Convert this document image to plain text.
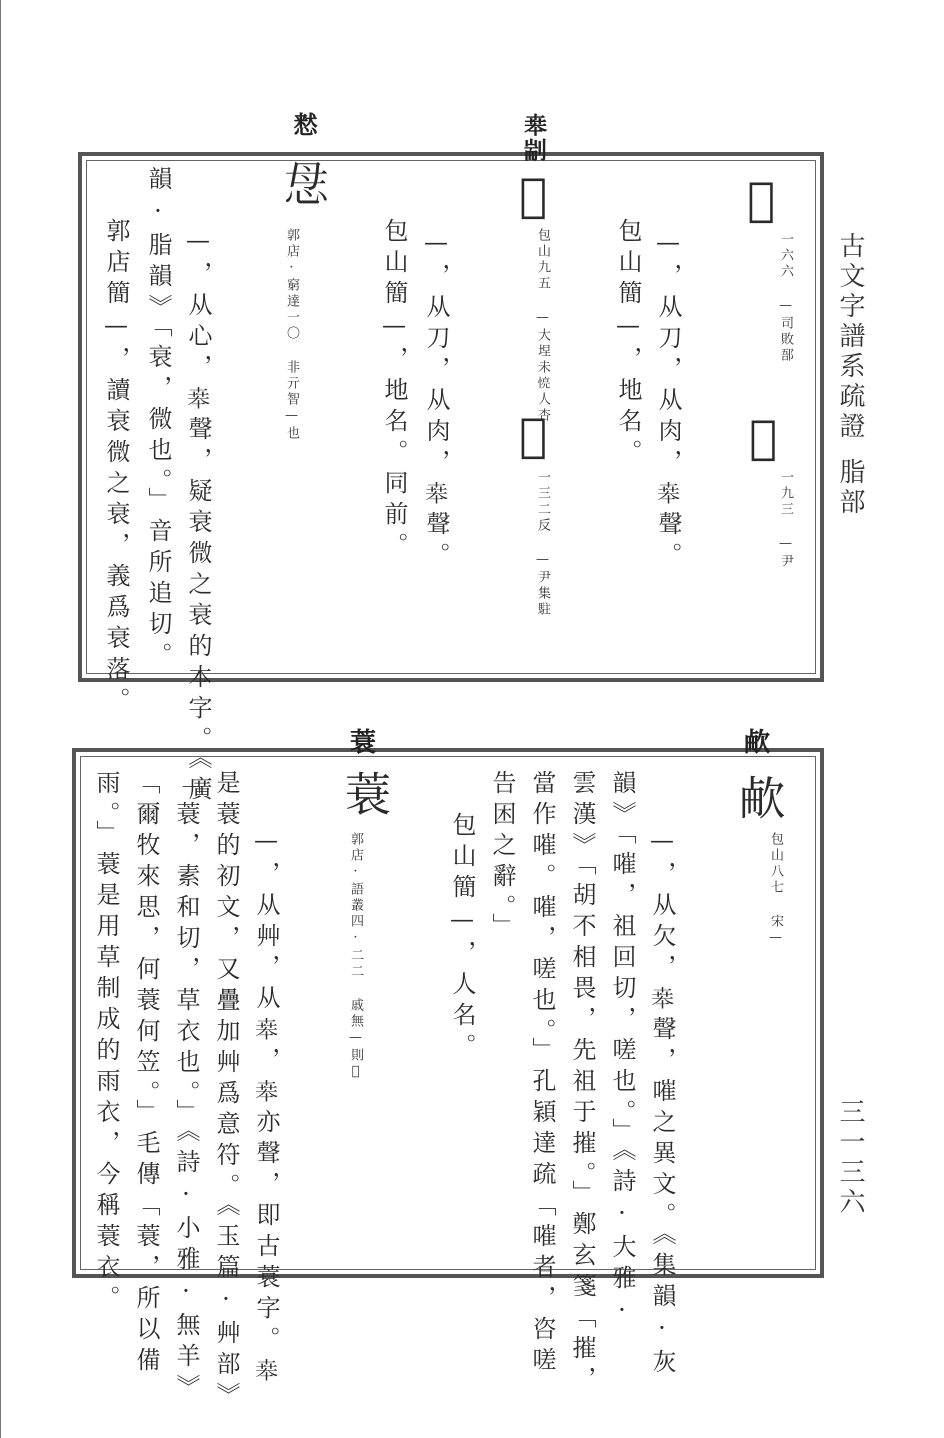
古文字譜系疏證
脂部
三一三六
𠝗
一六六 —司敗郚
𠝗
一九三 —尹
—，从刀，从肉，𠦪聲。
包山簡—，地名。
𠦪剬
𠝗
包山九五 —大㘿未𢝋人杏
𠝗
一三二反 —尹集駐
—，从刀，从肉，𠦪聲。
包山簡—，地名。同前。
慭
𢘓
郭店·窮達一〇 非亓智—也
—，从心，𠦪聲，疑衰微之衰的本字。《廣
韻·脂韻》「衰，微也。」音所追切。
郭店簡—，讀衰微之衰，義爲衰落。
欳
欳
包山八七 宋—
—，从欠，𠦪聲，嗺之異文。《集韻·灰
韻》「嗺，祖回切，嗟也。」《詩·大雅·
雲漢》「胡不相畏，先祖于摧。」鄭玄箋「摧，
當作嗺。嗺，嗟也。」孔穎達疏「嗺者，咨嗟
告困之辭。」
包山簡—，人名。
蓑
蓑
郭店·語叢四·二二 戚無—則𡍹
—，从艸，从𠦪，𠦪亦聲，即古蓑字。𠦪
是蓑的初文，又疊加艸爲意符。《玉篇·艸部》
「蓑，素和切，草衣也。」《詩·小雅·無羊》
「爾牧來思，何蓑何笠。」毛傳「蓑，所以備
雨。」蓑是用草制成的雨衣，今稱蓑衣。
